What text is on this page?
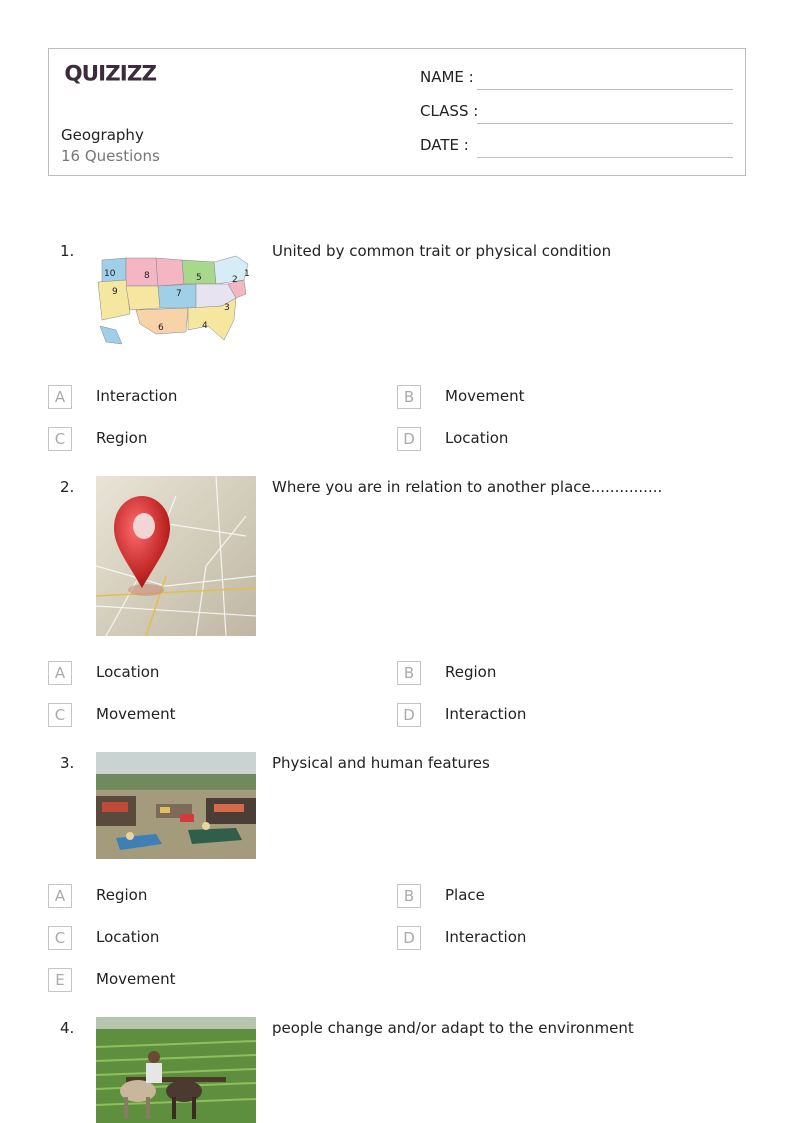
QUIZIZZ
Geography
16 Questions
NAME :
CLASS :
DATE :
1.
10	8	5	2
1
9	7
3
6	4
United by common trait or physical condition
A	Interaction	B	Movement
C	Region	D	Location
2.	Where you are in relation to another place...............
A	Location	B	Region
C	Movement	D	Interaction
3.	Physical and human features
A	Region	B	Place
C	Location	D	Interaction
E	Movement
4.	people change and/or adapt to the environment
